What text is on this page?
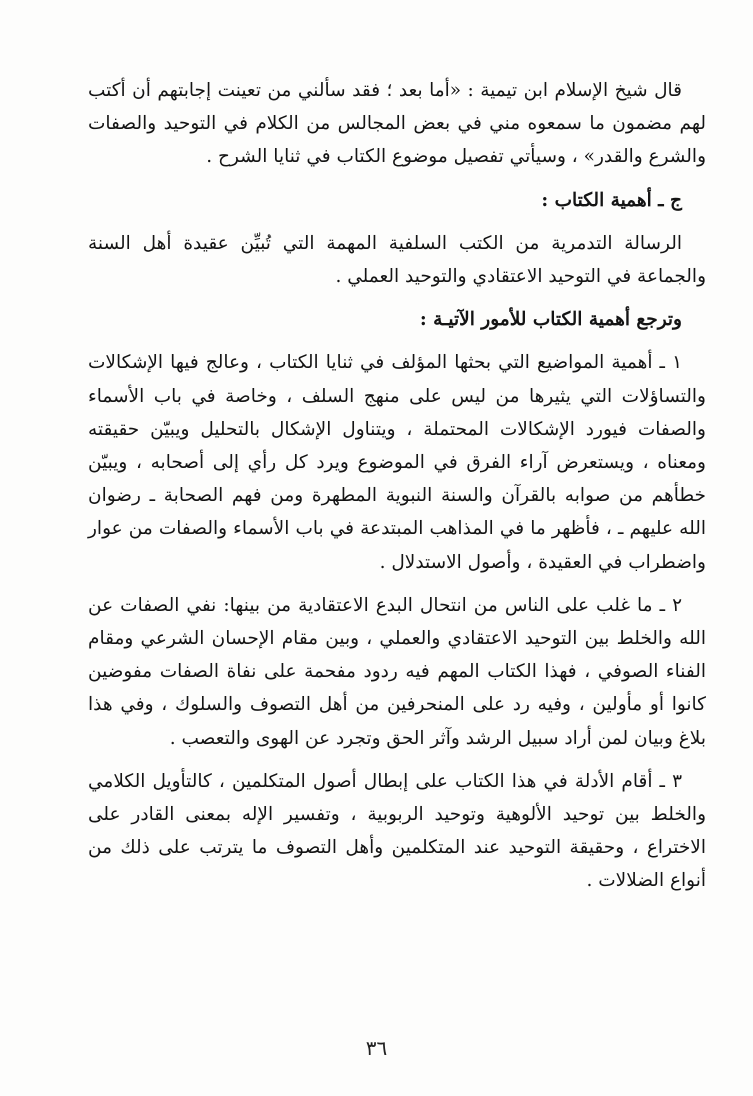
قال شيخ الإسلام ابن تيمية : «أما بعد ؛ فقد سألني من تعينت إجابتهم أن أكتب لهم مضمون ما سمعوه مني في بعض المجالس من الكلام في التوحيد والصفات والشرع والقدر» ، وسيأتي تفصيل موضوع الكتاب في ثنايا الشرح .

ج ـ أهمية الكتاب :

الرسالة التدمرية من الكتب السلفية المهمة التي تُبيِّن عقيدة أهل السنة والجماعة في التوحيد الاعتقادي والتوحيد العملي .

وترجع أهمية الكتاب للأمور الآتيـة :

١ ـ أهمية المواضيع التي بحثها المؤلف في ثنايا الكتاب ، وعالج فيها الإشكالات والتساؤلات التي يثيرها من ليس على منهج السلف ، وخاصة في باب الأسماء والصفات فيورد الإشكالات المحتملة ، ويتناول الإشكال بالتحليل ويبيّن حقيقته ومعناه ، ويستعرض آراء الفرق في الموضوع ويرد كل رأي إلى أصحابه ، ويبيّن خطأهم من صوابه بالقرآن والسنة النبوية المطهرة ومن فهم الصحابة ـ رضوان الله عليهم ـ ، فأظهر ما في المذاهب المبتدعة في باب الأسماء والصفات من عوار واضطراب في العقيدة ، وأصول الاستدلال .

٢ ـ ما غلب على الناس من انتحال البدع الاعتقادية من بينها: نفي الصفات عن الله والخلط بين التوحيد الاعتقادي والعملي ، وبين مقام الإحسان الشرعي ومقام الفناء الصوفي ، فهذا الكتاب المهم فيه ردود مفحمة على نفاة الصفات مفوضين كانوا أو مأولين ، وفيه رد على المنحرفين من أهل التصوف والسلوك ، وفي هذا بلاغ وبيان لمن أراد سبيل الرشد وآثر الحق وتجرد عن الهوى والتعصب .

٣ ـ أقام الأدلة في هذا الكتاب على إبطال أصول المتكلمين ، كالتأويل الكلامي والخلط بين توحيد الألوهية وتوحيد الربوبية ، وتفسير الإله بمعنى القادر على الاختراع ، وحقيقة التوحيد عند المتكلمين وأهل التصوف ما يترتب على ذلك من أنواع الضلالات .

٣٦
